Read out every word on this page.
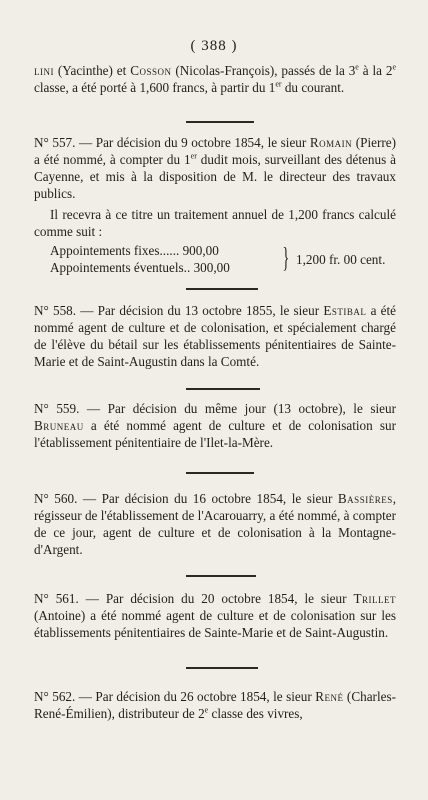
( 388 )

lini (Yacinthe) et Cosson (Nicolas-François), passés de la 3e à la 2e classe, a été porté à 1,600 francs, à partir du 1er du courant.

N° 557. — Par décision du 9 octobre 1854, le sieur Romain (Pierre) a été nommé, à compter du 1er dudit mois, surveillant des détenus à Cayenne, et mis à la disposition de M. le directeur des travaux publics.

Il recevra à ce titre un traitement annuel de 1,200 francs calculé comme suit :

Appointements fixes...... 900,00
Appointements éventuels.. 300,00	} 1,200 fr. 00 cent.

N° 558. — Par décision du 13 octobre 1855, le sieur Estibal a été nommé agent de culture et de colonisation, et spécialement chargé de l'élève du bétail sur les établissements pénitentiaires de Sainte-Marie et de Saint-Augustin dans la Comté.

N° 559. — Par décision du même jour (13 octobre), le sieur Bruneau a été nommé agent de culture et de colonisation sur l'établissement pénitentiaire de l'Ilet-la-Mère.

N° 560. — Par décision du 16 octobre 1854, le sieur Bassières, régisseur de l'établissement de l'Acarouarry, a été nommé, à compter de ce jour, agent de culture et de colonisation à la Montagne-d'Argent.

N° 561. — Par décision du 20 octobre 1854, le sieur Trillet (Antoine) a été nommé agent de culture et de colonisation sur les établissements pénitentiaires de Sainte-Marie et de Saint-Augustin.

N° 562. — Par décision du 26 octobre 1854, le sieur René (Charles-René-Émilien), distributeur de 2e classe des vivres,
